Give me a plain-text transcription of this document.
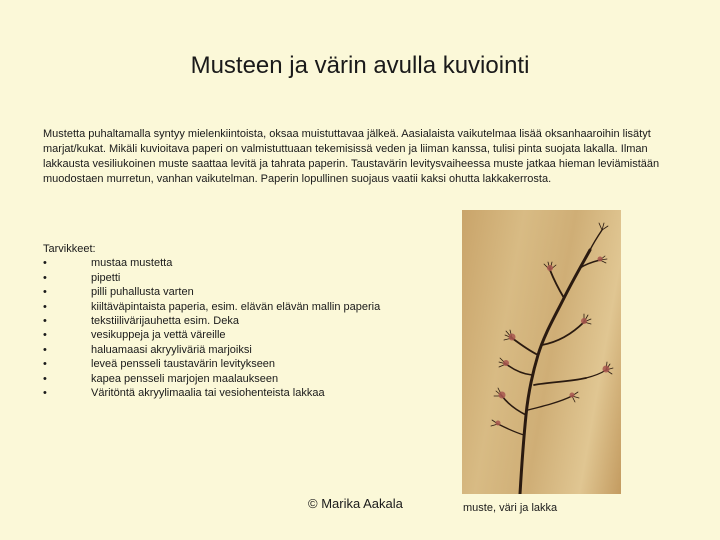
Musteen ja värin avulla kuviointi

Mustetta puhaltamalla syntyy mielenkiintoista, oksaa muistuttavaa jälkeä. Aasialaista vaikutelmaa lisää oksanhaaroihin lisätyt marjat/kukat. Mikäli kuvioitava paperi on valmistuttuaan tekemisissä veden ja liiman kanssa, tulisi pinta suojata lakalla. Ilman lakkausta vesiliukoinen muste saattaa levitä ja tahrata paperin. Taustavärin levitysvaiheessa muste jatkaa hieman leviämistään muodostaen murretun, vanhan vaikutelman. Paperin lopullinen suojaus vaatii kaksi ohutta lakkakerrosta.

Tarvikkeet:

•	mustaa mustetta
•	pipetti
•	pilli puhallusta varten
•	kiiltäväpintaista paperia, esim. elävän elävän mallin paperia
•	tekstiilivärijauhetta esim. Deka
•	vesikuppeja ja vettä väreille
•	haluamaasi akryyliväriä marjoiksi
•	leveä pensseli taustavärin levitykseen
•	kapea pensseli marjojen maalaukseen
•	Väritöntä akryylimaalia tai vesiohenteista lakkaa

© Marika Aakala	muste, väri ja lakka
